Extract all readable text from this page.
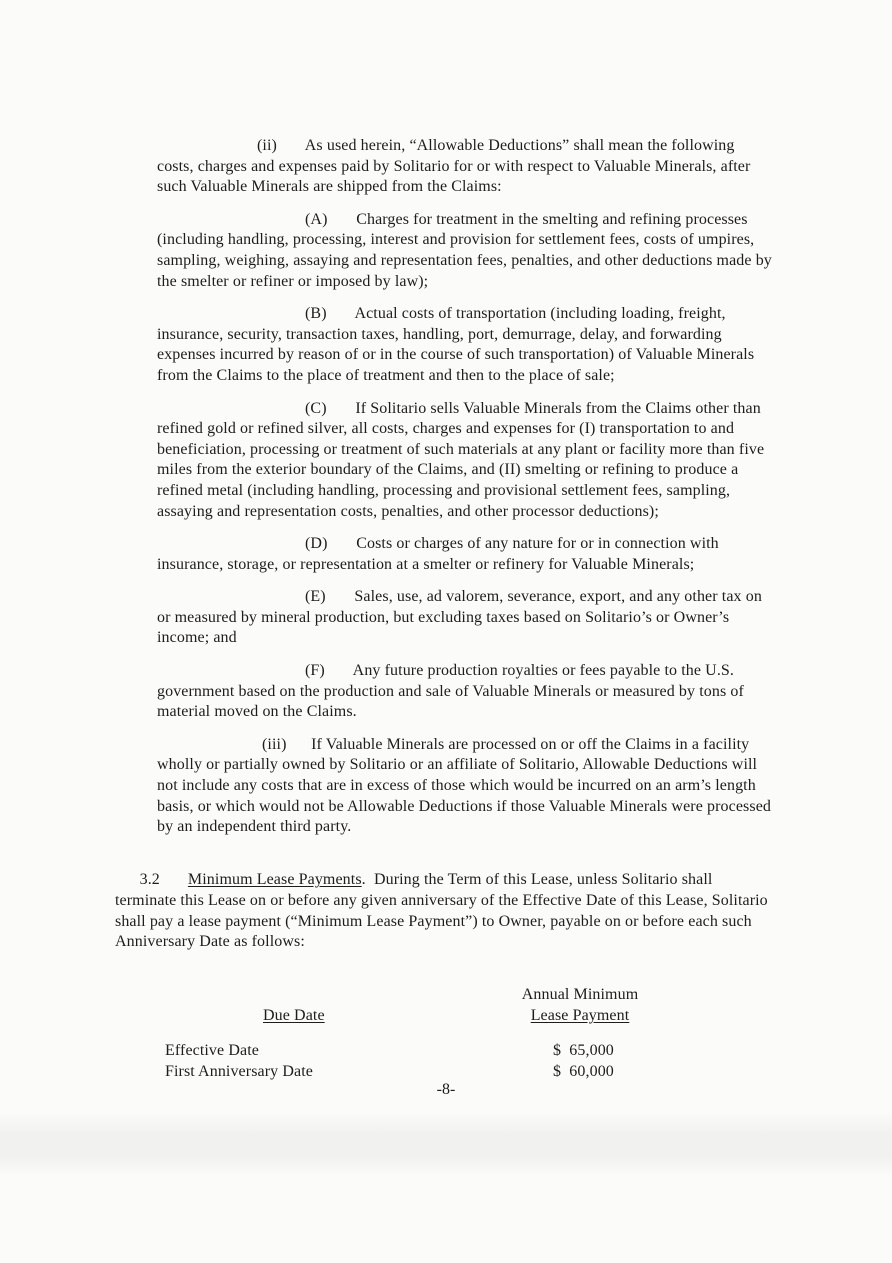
(ii)       As used herein, “Allowable Deductions” shall mean the following costs, charges and expenses paid by Solitario for or with respect to Valuable Minerals, after such Valuable Minerals are shipped from the Claims:

(A)       Charges for treatment in the smelting and refining processes (including handling, processing, interest and provision for settlement fees, costs of umpires, sampling, weighing, assaying and representation fees, penalties, and other deductions made by the smelter or refiner or imposed by law);

(B)       Actual costs of transportation (including loading, freight, insurance, security, transaction taxes, handling, port, demurrage, delay, and forwarding expenses incurred by reason of or in the course of such transportation) of Valuable Minerals from the Claims to the place of treatment and then to the place of sale;

(C)       If Solitario sells Valuable Minerals from the Claims other than refined gold or refined silver, all costs, charges and expenses for (I) transportation to and beneficiation, processing or treatment of such materials at any plant or facility more than five miles from the exterior boundary of the Claims, and (II) smelting or refining to produce a refined metal (including handling, processing and provisional settlement fees, sampling, assaying and representation costs, penalties, and other processor deductions);

(D)       Costs or charges of any nature for or in connection with insurance, storage, or representation at a smelter or refinery for Valuable Minerals;

(E)       Sales, use, ad valorem, severance, export, and any other tax on or measured by mineral production, but excluding taxes based on Solitario’s or Owner’s income; and

(F)       Any future production royalties or fees payable to the U.S. government based on the production and sale of Valuable Minerals or measured by tons of material moved on the Claims.

(iii)      If Valuable Minerals are processed on or off the Claims in a facility wholly or partially owned by Solitario or an affiliate of Solitario, Allowable Deductions will not include any costs that are in excess of those which would be incurred on an arm’s length basis, or which would not be Allowable Deductions if those Valuable Minerals were processed by an independent third party.

3.2 Minimum Lease Payments.  During the Term of this Lease, unless Solitario shall terminate this Lease on or before any given anniversary of the Effective Date of this Lease, Solitario shall pay a lease payment (“Minimum Lease Payment”) to Owner, payable on or before each such Anniversary Date as follows:

Annual Minimum
Lease Payment
Due Date
Effective Date	$  65,000
First Anniversary Date	$  60,000
-8-
